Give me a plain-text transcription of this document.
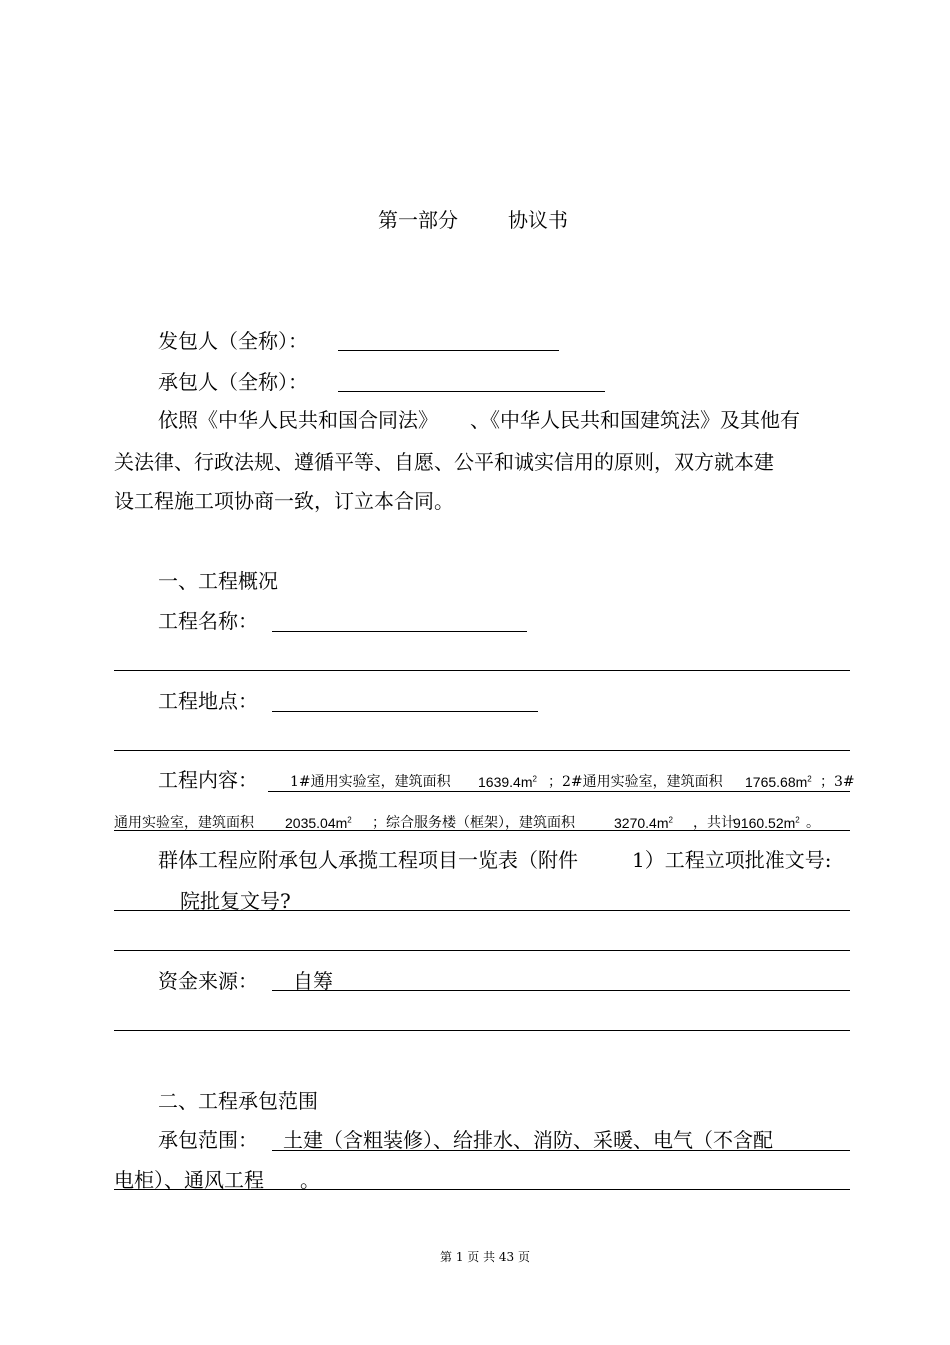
第一部分	协议书
发包人（全称）：
承包人（全称）：
依照《中华人民共和国合同法》 、《中华人民共和国建筑法》及其他有
关法律、行政法规、遵循平等、自愿、公平和诚实信用的原则，双方就本建
设工程施工项协商一致，订立本合同。
一、工程概况
工程名称：
工程地点：
工程内容： 1#通用实验室，建筑面积 $1639.4m^2$ ；2#通用实验室，建筑面积 $1765.68m^2$ ；3#
通用实验室，建筑面积 $2035.04m^2$ ；综合服务楼（框架），建筑面积	$3270.4m^2$ ，共计
$9160.52m^2$ 。
群体工程应附承包人承揽工程项目一览表（附件	1）工程立项批准文号:
院批复文号?
资金来源： 自筹
二、工程承包范围
承包范围： 土建（含粗装修）、给排水、消防、采暖、电气（不含配
电柜）、通风工程 。
第 1 页 共 43 页
